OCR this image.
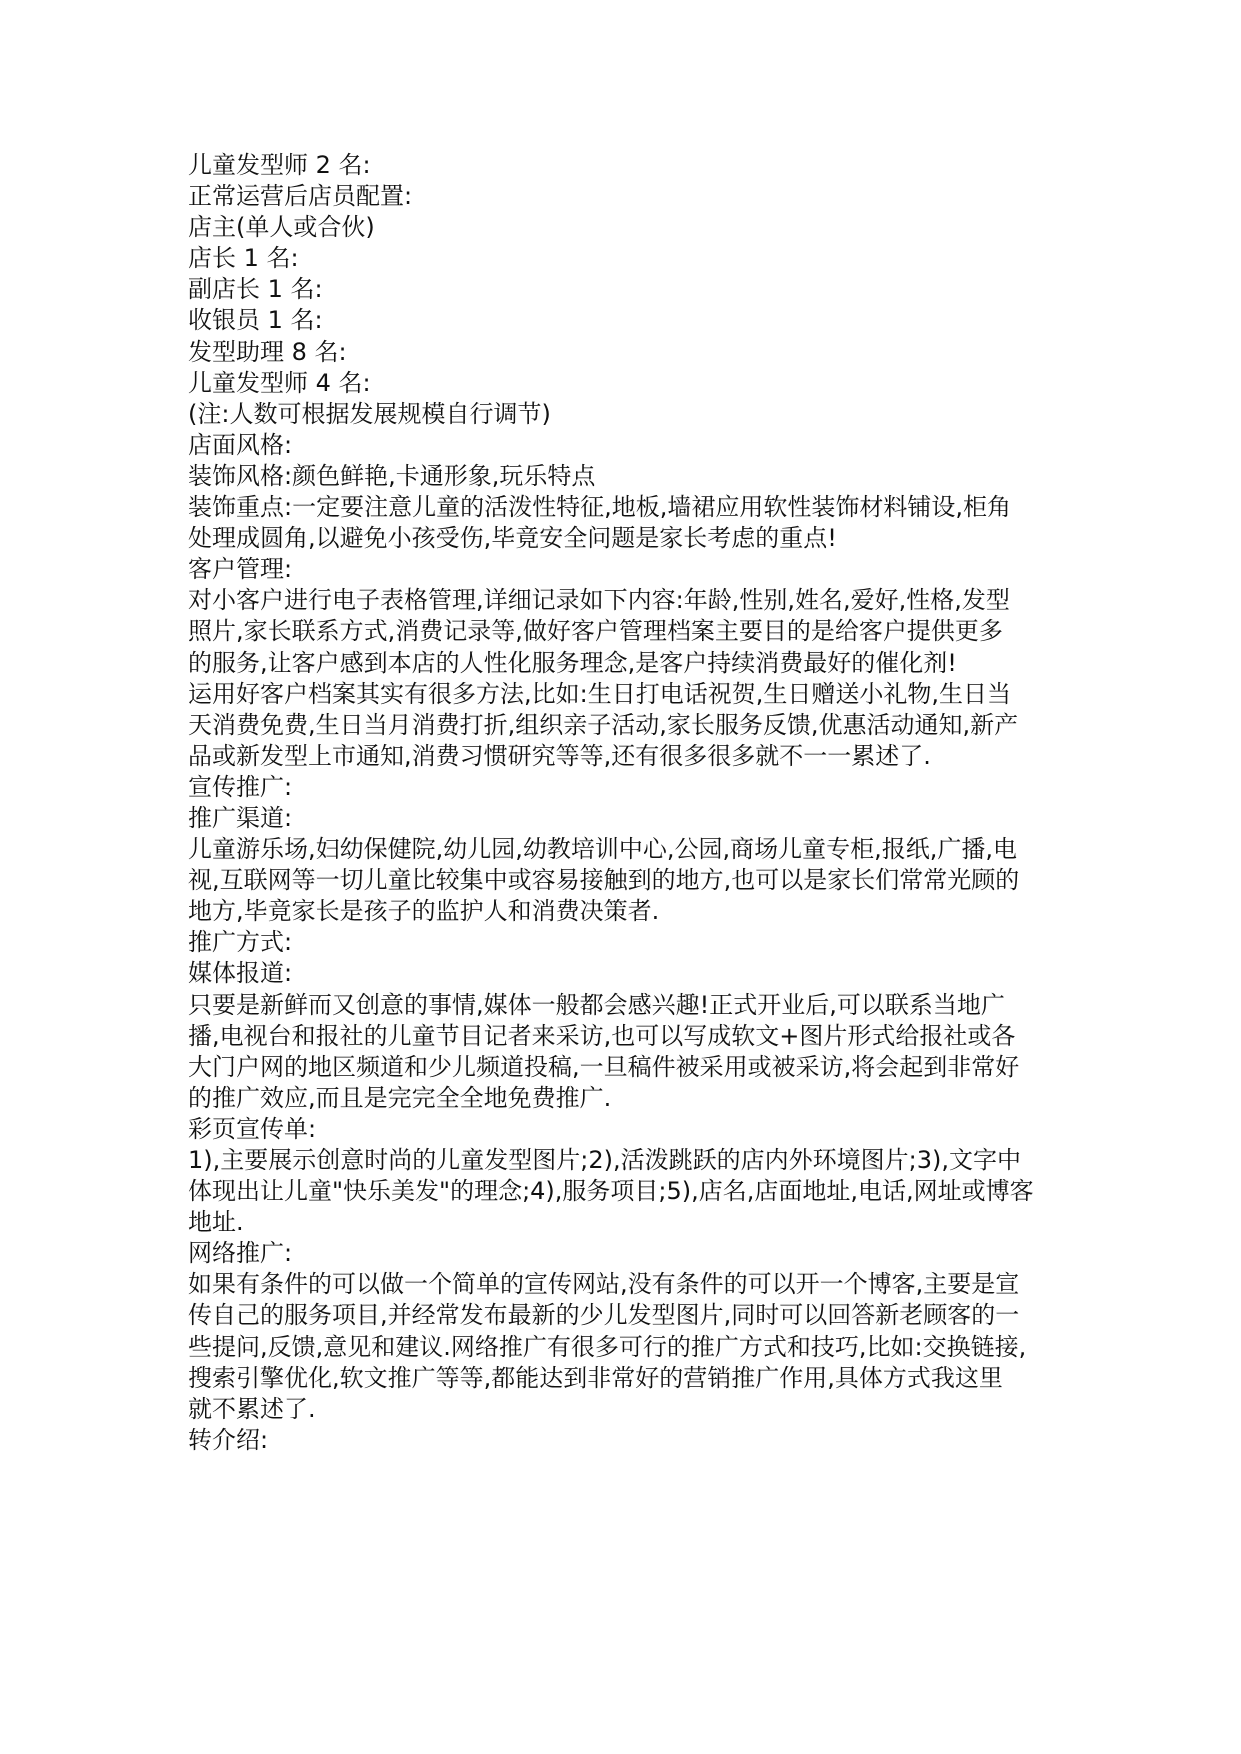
儿童发型师 2 名:
正常运营后店员配置:
店主(单人或合伙)
店长 1 名:
副店长 1 名:
收银员 1 名:
发型助理 8 名:
儿童发型师 4 名:
(注:人数可根据发展规模自行调节)
店面风格:
装饰风格:颜色鲜艳,卡通形象,玩乐特点
装饰重点:一定要注意儿童的活泼性特征,地板,墙裙应用软性装饰材料铺设,柜角
处理成圆角,以避免小孩受伤,毕竟安全问题是家长考虑的重点!
客户管理:
对小客户进行电子表格管理,详细记录如下内容:年龄,性别,姓名,爱好,性格,发型
照片,家长联系方式,消费记录等,做好客户管理档案主要目的是给客户提供更多
的服务,让客户感到本店的人性化服务理念,是客户持续消费最好的催化剂!
运用好客户档案其实有很多方法,比如:生日打电话祝贺,生日赠送小礼物,生日当
天消费免费,生日当月消费打折,组织亲子活动,家长服务反馈,优惠活动通知,新产
品或新发型上市通知,消费习惯研究等等,还有很多很多就不一一累述了.
宣传推广:
推广渠道:
儿童游乐场,妇幼保健院,幼儿园,幼教培训中心,公园,商场儿童专柜,报纸,广播,电
视,互联网等一切儿童比较集中或容易接触到的地方,也可以是家长们常常光顾的
地方,毕竟家长是孩子的监护人和消费决策者.
推广方式:
媒体报道:
只要是新鲜而又创意的事情,媒体一般都会感兴趣!正式开业后,可以联系当地广
播,电视台和报社的儿童节目记者来采访,也可以写成软文+图片形式给报社或各
大门户网的地区频道和少儿频道投稿,一旦稿件被采用或被采访,将会起到非常好
的推广效应,而且是完完全全地免费推广.
彩页宣传单:
1),主要展示创意时尚的儿童发型图片;2),活泼跳跃的店内外环境图片;3),文字中
体现出让儿童"快乐美发"的理念;4),服务项目;5),店名,店面地址,电话,网址或博客
地址.
网络推广:
如果有条件的可以做一个简单的宣传网站,没有条件的可以开一个博客,主要是宣
传自己的服务项目,并经常发布最新的少儿发型图片,同时可以回答新老顾客的一
些提问,反馈,意见和建议.网络推广有很多可行的推广方式和技巧,比如:交换链接,
搜索引擎优化,软文推广等等,都能达到非常好的营销推广作用,具体方式我这里
就不累述了.
转介绍:
